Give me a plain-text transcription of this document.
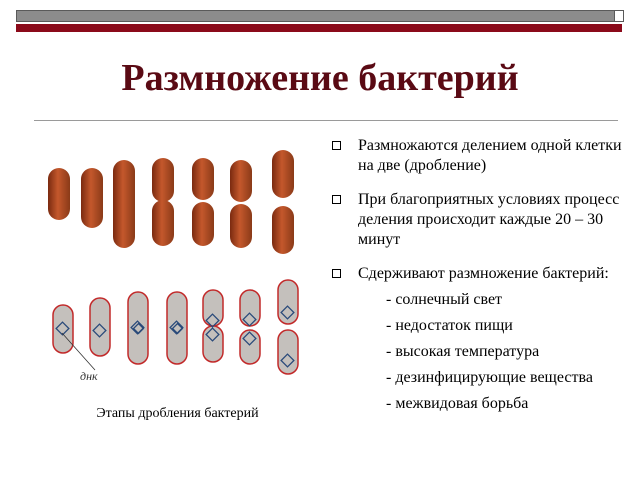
Размножение бактерий
днк
Этапы дробления бактерий
Размножаются делением одной клетки на две (дробление)
При благоприятных условиях процесс деления происходит каждые 20 – 30 минут
Сдерживают размножение бактерий:
- солнечный свет
- недостаток пищи
- высокая температура
- дезинфицирующие вещества
- межвидовая борьба
